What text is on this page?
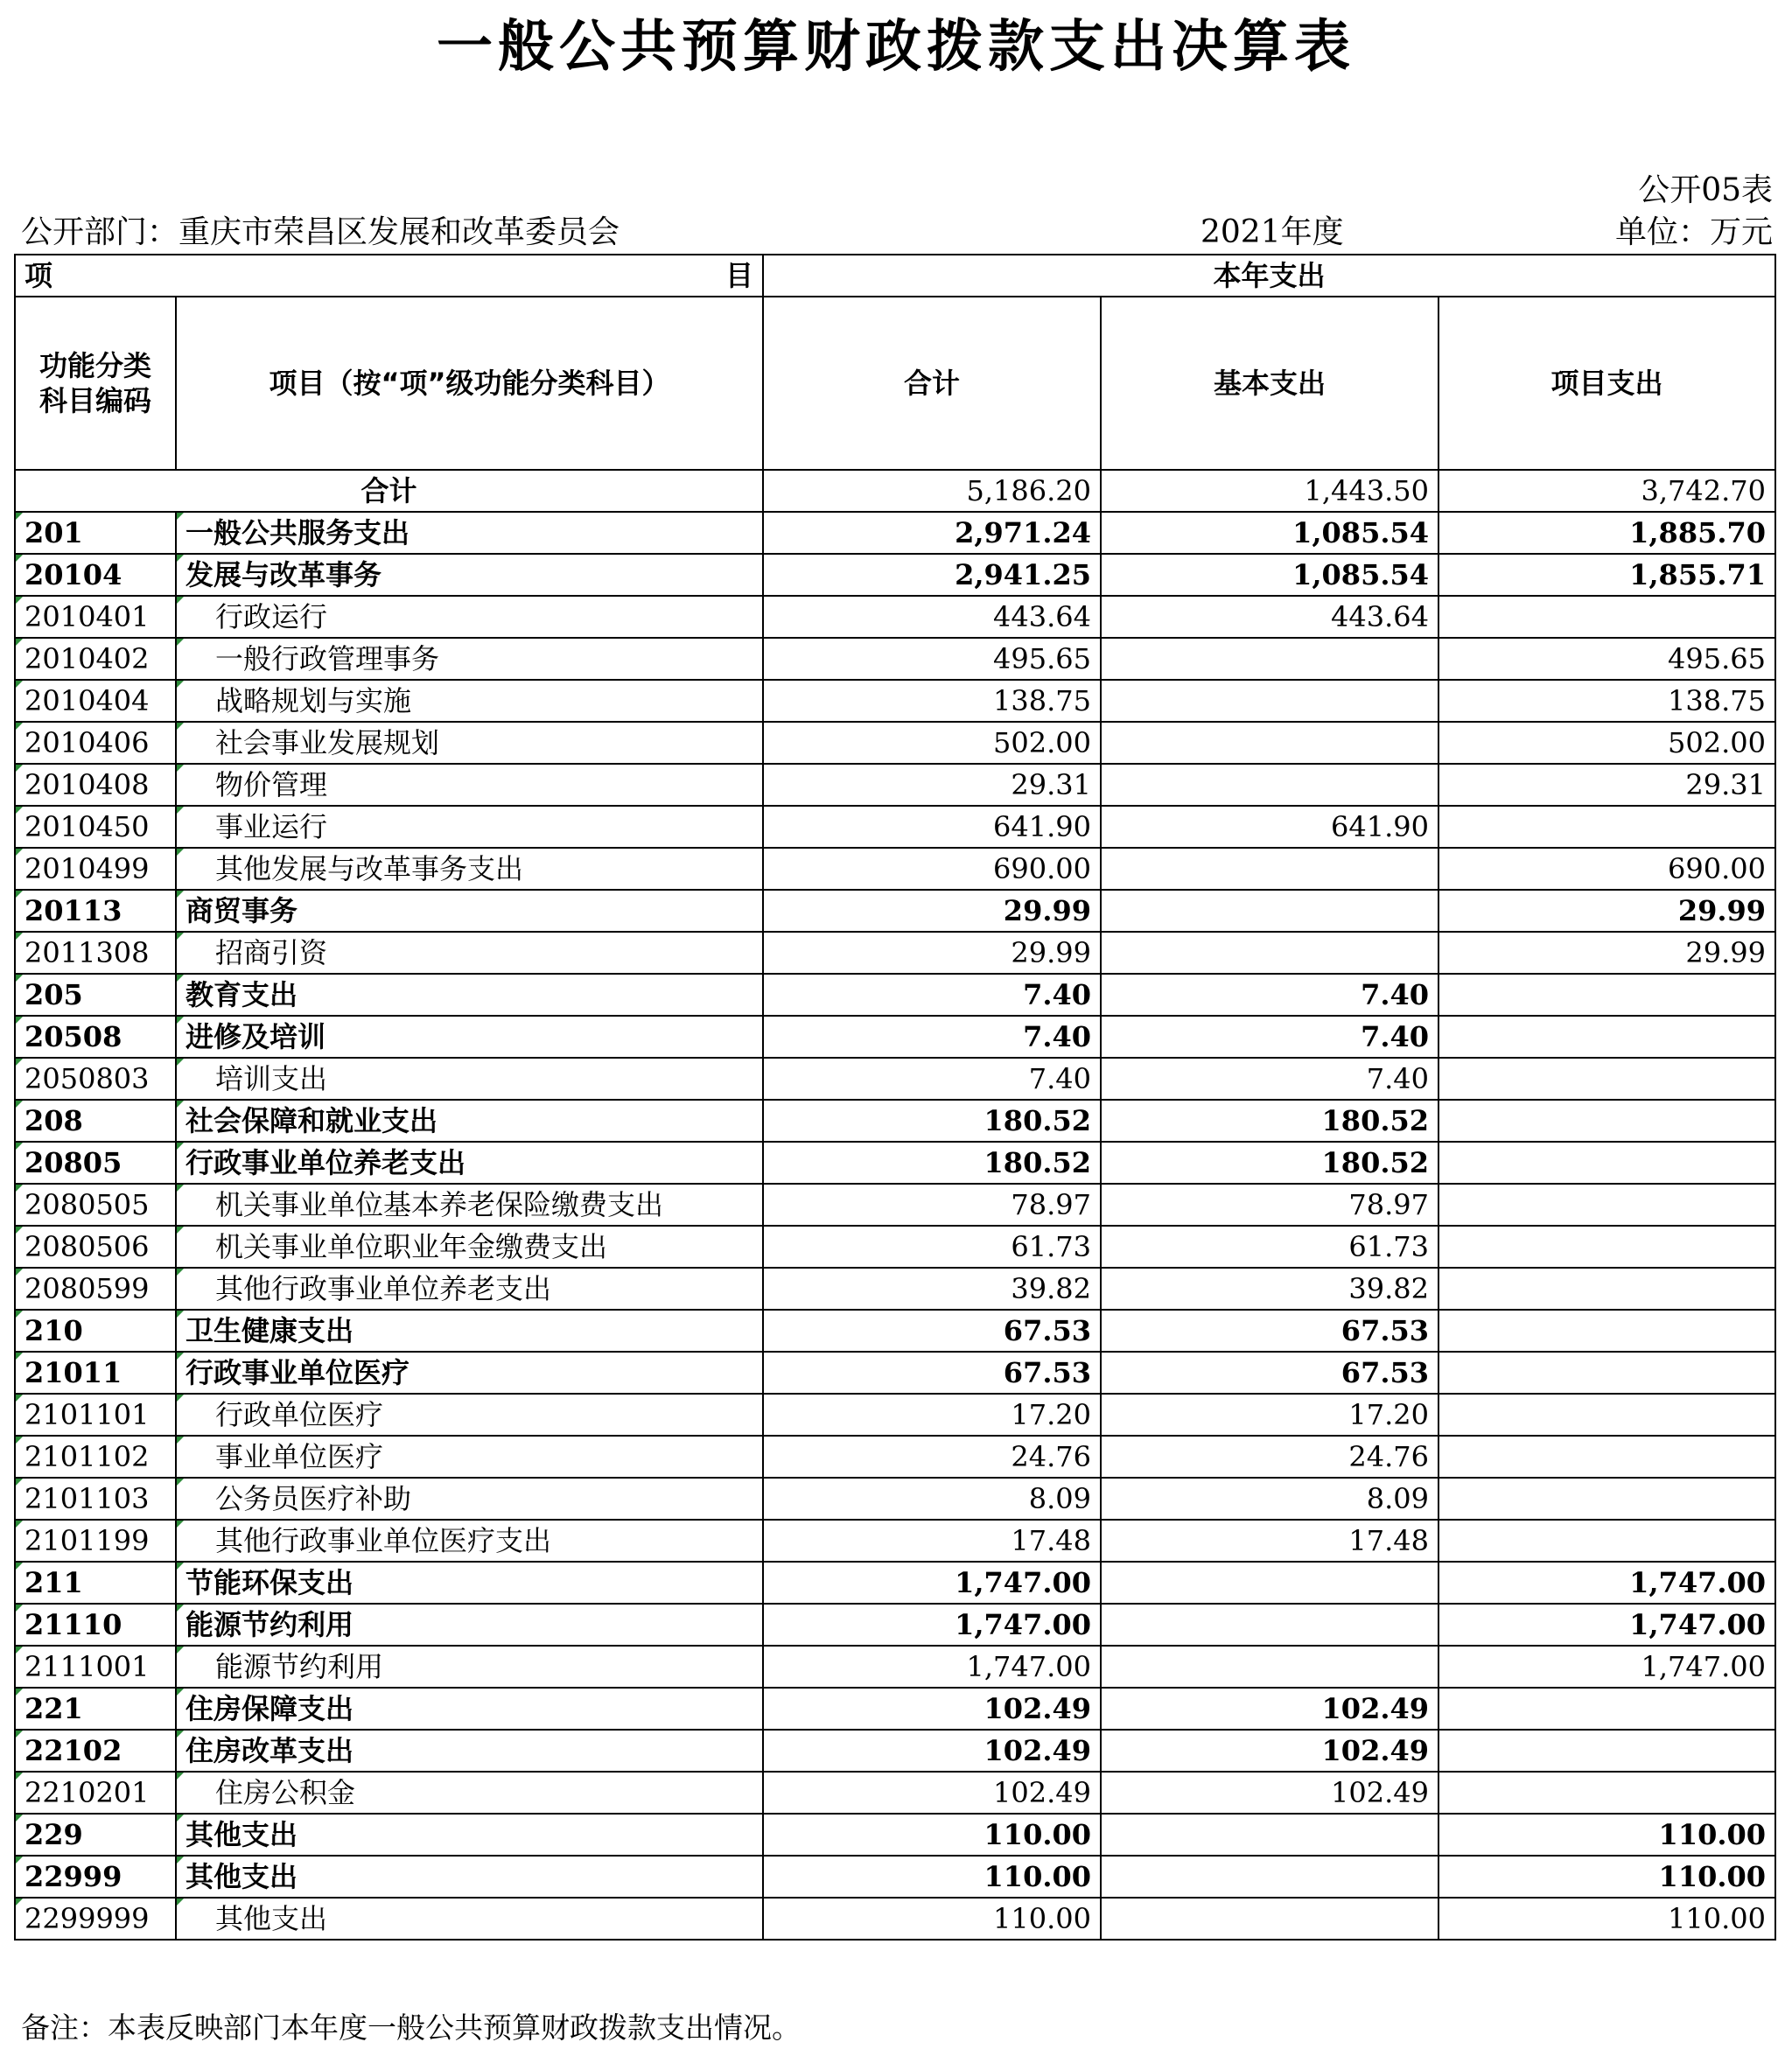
一般公共预算财政拨款支出决算表
公开05表
公开部门：重庆市荣昌区发展和改革委员会	2021年度	单位：万元
项 目		本年支出		
功能分类
科目编码	项目（按“项”级功能分类科目）	合计	基本支出	项目支出
合计		5,186.20	1,443.50	3,742.70

201	一般公共服务支出	2,971.24	1,085.54	1,885.70

20104	发展与改革事务	2,941.25	1,085.54	1,855.71

2010401	行政运行	443.64	443.64	

2010402	一般行政管理事务	495.65		495.65

2010404	战略规划与实施	138.75		138.75

2010406	社会事业发展规划	502.00		502.00

2010408	物价管理	29.31		29.31

2010450	事业运行	641.90	641.90	

2010499	其他发展与改革事务支出	690.00		690.00

20113	商贸事务	29.99		29.99

2011308	招商引资	29.99		29.99

205	教育支出	7.40	7.40	

20508	进修及培训	7.40	7.40	

2050803	培训支出	7.40	7.40	

208	社会保障和就业支出	180.52	180.52	

20805	行政事业单位养老支出	180.52	180.52	

2080505	机关事业单位基本养老保险缴费支出	78.97	78.97	

2080506	机关事业单位职业年金缴费支出	61.73	61.73	

2080599	其他行政事业单位养老支出	39.82	39.82	

210	卫生健康支出	67.53	67.53	

21011	行政事业单位医疗	67.53	67.53	

2101101	行政单位医疗	17.20	17.20	

2101102	事业单位医疗	24.76	24.76	

2101103	公务员医疗补助	8.09	8.09	

2101199	其他行政事业单位医疗支出	17.48	17.48	

211	节能环保支出	1,747.00		1,747.00

21110	能源节约利用	1,747.00		1,747.00

2111001	能源节约利用	1,747.00		1,747.00

221	住房保障支出	102.49	102.49	

22102	住房改革支出	102.49	102.49	

2210201	住房公积金	102.49	102.49	

229	其他支出	110.00		110.00

22999	其他支出	110.00		110.00

2299999	其他支出	110.00		110.00
备注：本表反映部门本年度一般公共预算财政拨款支出情况。
